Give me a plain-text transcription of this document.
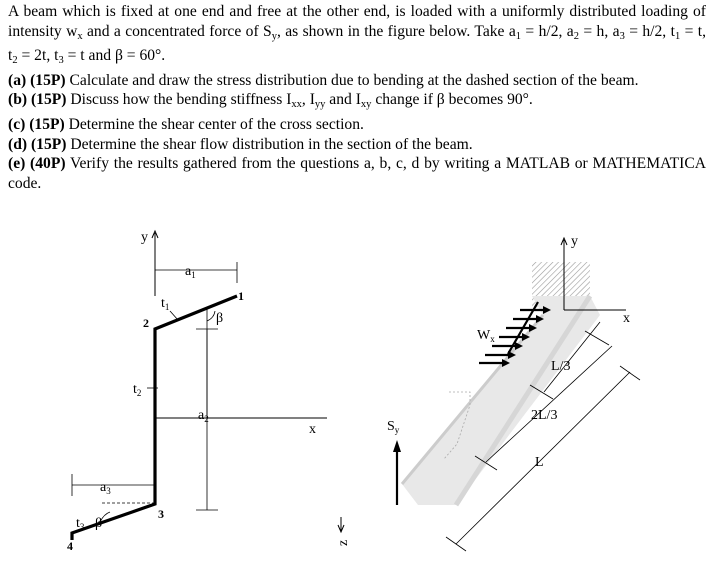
A beam which is fixed at one end and free at the other end, is loaded with a uniformly distributed loading of intensity $w_x$ and a concentrated force of $S_y$, as shown in the figure below. Take $a_1 = h/2$, $a_2 = h$, $a_3 = h/2$, $t_1 = t$, $t_2 = 2t$, $t_3 = t$ and β = 60°.

(a) (15P) Calculate and draw the stress distribution due to bending at the dashed section of the beam.

(b) (15P) Discuss how the bending stiffness $I_{xx}$, $I_{yy}$ and $I_{xy}$ change if β becomes 90°.

(c) (15P) Determine the shear center of the cross section.

(d) (15P) Determine the shear flow distribution in the section of the beam.

(e) (40P) Verify the results gathered from the questions a, b, c, d by writing a MATLAB or MATHEMATICA code.

y
$a_1$
$t_1$
β
1
2
3
4
$t_2$
x
$a_2$
$a_3$
$t_3$ β
z
y
x
$W_x$
$S_y$
L/3
2L/3
L
